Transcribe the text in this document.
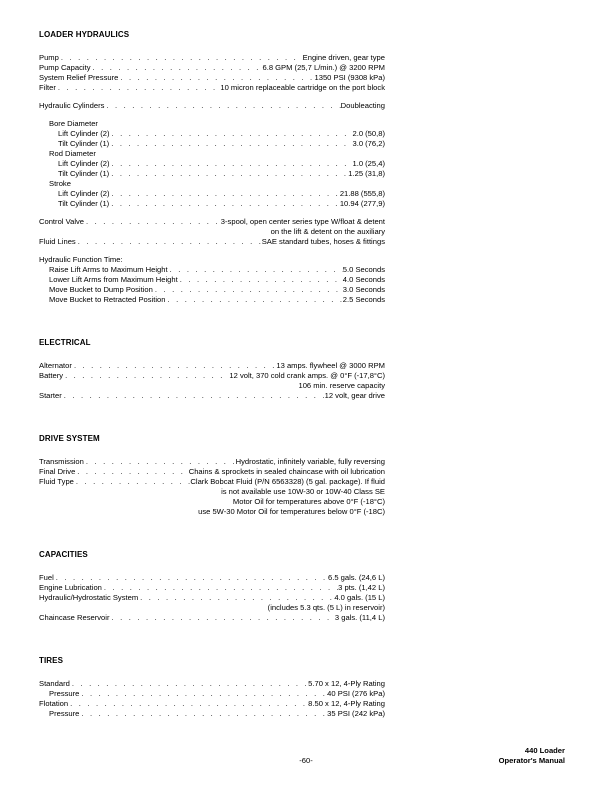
LOADER HYDRAULICS
Pump . . .	Engine driven, gear type
Pump Capacity . . .	6.8 GPM (25,7 L/min.) @ 3200 RPM
System Relief Pressure . . .	1350 PSI (9308 kPa)
Filter . . .	10 micron replaceable cartridge on the port block
Hydraulic Cylinders . . .	Doubleacting
Bore Diameter
Lift Cylinder (2) . . .	2.0 (50,8)
Tilt Cylinder (1) . . .	3.0 (76,2)
Rod Diameter
Lift Cylinder (2) . . .	1.0 (25,4)
Tilt Cylinder (1) . . .	1.25 (31,8)
Stroke
Lift Cylinder (2) . . .	21.88 (555,8)
Tilt Cylinder (1) . . .	10.94 (277,9)
Control Valve . . .	3-spool, open center series type W/float & detent
on the lift & detent on the auxiliary
Fluid Lines . . .	SAE standard tubes, hoses & fittings
Hydraulic Function Time:
Raise Lift Arms to Maximum Height . . .	5.0 Seconds
Lower Lift Arms from Maximum Height . . .	4.0 Seconds
Move Bucket to Dump Position . . .	3.0 Seconds
Move Bucket to Retracted Position . . .	2.5 Seconds
ELECTRICAL
Alternator . . .	13 amps. flywheel @ 3000 RPM
Battery . . .	12 volt, 370 cold crank amps. @ 0°F (-17,8°C)
106 min. reserve capacity
Starter . . .	12 volt, gear drive
DRIVE SYSTEM
Transmission . . .	Hydrostatic, infinitely variable, fully reversing
Final Drive . . .	Chains & sprockets in sealed chaincase with oil lubrication
Fluid Type . . .	Clark Bobcat Fluid (P/N 6563328) (5 gal. package). If fluid
is not available use 10W-30 or 10W-40 Class SE
Motor Oil for temperatures above 0°F (-18°C)
use 5W-30 Motor Oil for temperatures below 0°F (-18C)
CAPACITIES
Fuel . . .	6.5 gals. (24,6 L)
Engine Lubrication . . .	3 pts. (1,42 L)
Hydraulic/Hydrostatic System . . .	4.0 gals. (15 L)
(includes 5.3 qts. (5 L) in reservoir)
Chaincase Reservoir . . .	3 gals. (11,4 L)
TIRES
Standard . . .	5.70 x 12, 4-Ply Rating
Pressure . . .	40 PSI (276 kPa)
Flotation . . .	8.50 x 12, 4-Ply Rating
Pressure . . .	35 PSI (242 kPa)
-60-
440 Loader
Operator's Manual
